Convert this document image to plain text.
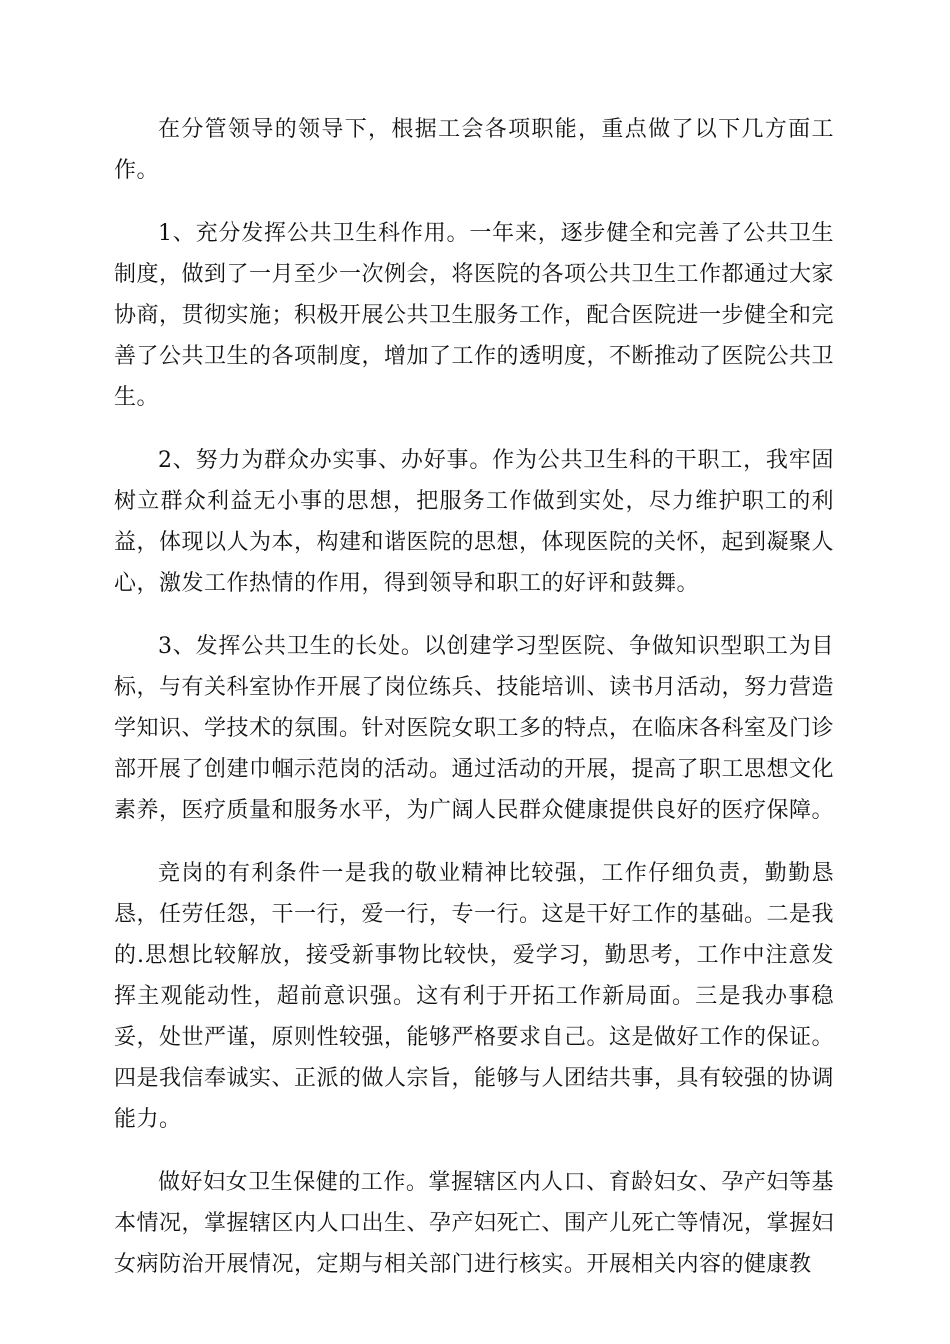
在分管领导的领导下，根据工会各项职能，重点做了以下几方面工作。

1、充分发挥公共卫生科作用。一年来，逐步健全和完善了公共卫生制度，做到了一月至少一次例会，将医院的各项公共卫生工作都通过大家协商，贯彻实施；积极开展公共卫生服务工作，配合医院进一步健全和完善了公共卫生的各项制度，增加了工作的透明度，不断推动了医院公共卫生。

2、努力为群众办实事、办好事。作为公共卫生科的干职工，我牢固树立群众利益无小事的思想，把服务工作做到实处，尽力维护职工的利益，体现以人为本，构建和谐医院的思想，体现医院的关怀，起到凝聚人心，激发工作热情的作用，得到领导和职工的好评和鼓舞。

3、发挥公共卫生的长处。以创建学习型医院、争做知识型职工为目标，与有关科室协作开展了岗位练兵、技能培训、读书月活动，努力营造学知识、学技术的氛围。针对医院女职工多的特点，在临床各科室及门诊部开展了创建巾帼示范岗的活动。通过活动的开展，提高了职工思想文化素养，医疗质量和服务水平，为广阔人民群众健康提供良好的医疗保障。

竞岗的有利条件一是我的敬业精神比较强，工作仔细负责，勤勤恳恳，任劳任怨，干一行，爱一行，专一行。这是干好工作的基础。二是我的.思想比较解放，接受新事物比较快，爱学习，勤思考，工作中注意发挥主观能动性，超前意识强。这有利于开拓工作新局面。三是我办事稳妥，处世严谨，原则性较强，能够严格要求自己。这是做好工作的保证。四是我信奉诚实、正派的做人宗旨，能够与人团结共事，具有较强的协调能力。

做好妇女卫生保健的工作。掌握辖区内人口、育龄妇女、孕产妇等基本情况，掌握辖区内人口出生、孕产妇死亡、围产儿死亡等情况，掌握妇女病防治开展情况，定期与相关部门进行核实。开展相关内容的健康教
